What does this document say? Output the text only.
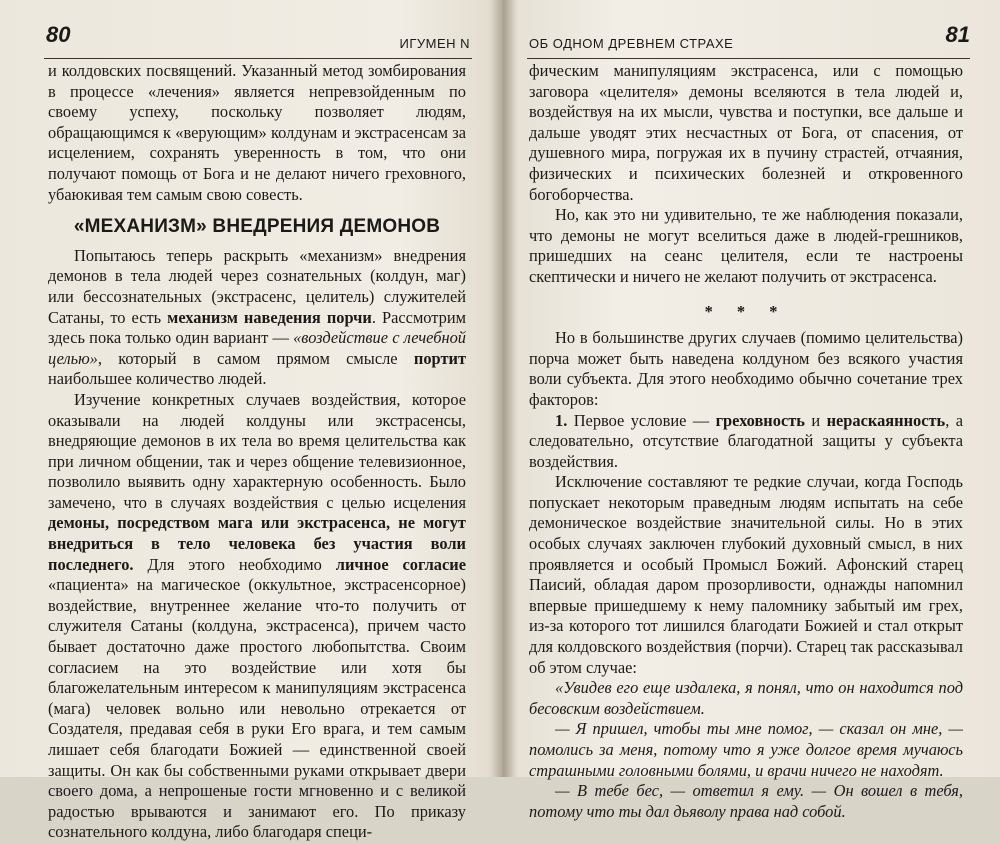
80	ИГУМЕН N

и колдовских посвящений. Указанный метод зомбирования в процессе «лечения» является непревзойденным по своему успеху, поскольку позволяет людям, обращающимся к «верующим» колдунам и экстрасенсам за исцелением, сохранять уверенность в том, что они получают помощь от Бога и не делают ничего греховного, убаюкивая тем самым свою совесть.

«МЕХАНИЗМ» ВНЕДРЕНИЯ ДЕМОНОВ

Попытаюсь теперь раскрыть «механизм» внедрения демонов в тела людей через сознательных (колдун, маг) или бессознательных (экстрасенс, целитель) служителей Сатаны, то есть механизм наведения порчи. Рассмотрим здесь пока только один вариант — «воздействие с лечебной целью», который в самом прямом смысле портит наибольшее количество людей.

Изучение конкретных случаев воздействия, которое оказывали на людей колдуны или экстрасенсы, внедряющие демонов в их тела во время целительства как при личном общении, так и через общение телевизионное, позволило выявить одну характерную особенность. Было замечено, что в случаях воздействия с целью исцеления демоны, посредством мага или экстрасенса, не могут внедриться в тело человека без участия воли последнего. Для этого необходимо личное согласие «пациента» на магическое (оккультное, экстрасенсорное) воздействие, внутреннее желание что-то получить от служителя Сатаны (колдуна, экстрасенса), причем часто бывает достаточно даже простого любопытства. Своим согласием на это воздействие или хотя бы благожелательным интересом к манипуляциям экстрасенса (мага) человек вольно или невольно отрекается от Создателя, предавая себя в руки Его врага, и тем самым лишает себя благодати Божией — единственной своей защиты. Он как бы собственными руками открывает двери своего дома, а непрошеные гости мгновенно и с великой радостью врываются и занимают его. По приказу сознательного колдуна, либо благодаря специ-

ОБ ОДНОМ ДРЕВНЕМ СТРАХЕ	81

фическим манипуляциям экстрасенса, или с помощью заговора «целителя» демоны вселяются в тела людей и, воздействуя на их мысли, чувства и поступки, все дальше и дальше уводят этих несчастных от Бога, от спасения, от душевного мира, погружая их в пучину страстей, отчаяния, физических и психических болезней и откровенного богоборчества.

Но, как это ни удивительно, те же наблюдения показали, что демоны не могут вселиться даже в людей-грешников, пришедших на сеанс целителя, если те настроены скептически и ничего не желают получить от экстрасенса.

* * *

Но в большинстве других случаев (помимо целительства) порча может быть наведена колдуном без всякого участия воли субъекта. Для этого необходимо обычно сочетание трех факторов:

1. Первое условие — греховность и нераскаянность, а следовательно, отсутствие благодатной защиты у субъекта воздействия.

Исключение составляют те редкие случаи, когда Господь попускает некоторым праведным людям испытать на себе демоническое воздействие значительной силы. Но в этих особых случаях заключен глубокий духовный смысл, в них проявляется и особый Промысл Божий. Афонский старец Паисий, обладая даром прозорливости, однажды напомнил впервые пришедшему к нему паломнику забытый им грех, из-за которого тот лишился благодати Божией и стал открыт для колдовского воздействия (порчи). Старец так рассказывал об этом случае:

«Увидев его еще издалека, я понял, что он находится под бесовским воздействием.

— Я пришел, чтобы ты мне помог, — сказал он мне, — помолись за меня, потому что я уже долгое время мучаюсь страшными головными болями, и врачи ничего не находят.

— В тебе бес, — ответил я ему. — Он вошел в тебя, потому что ты дал дьяволу права над собой.
